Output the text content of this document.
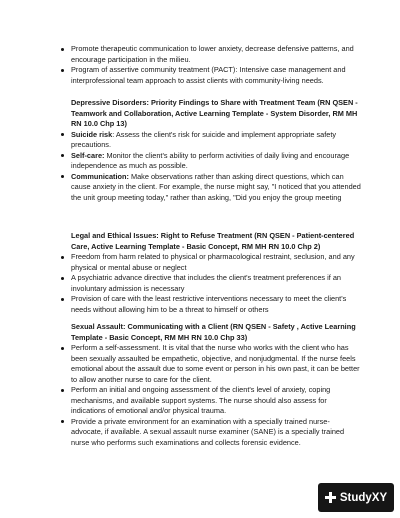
Promote therapeutic communication to lower anxiety, decrease defensive patterns, and encourage participation in the milieu.
Program of assertive community treatment (PACT): Intensive case management and interprofessional team approach to assist clients with community-living needs.
Depressive Disorders: Priority Findings to Share with Treatment Team (RN QSEN - Teamwork and Collaboration, Active Learning Template - System Disorder, RM MH RN 10.0 Chp 13)
Suicide risk: Assess the client's risk for suicide and implement appropriate safety precautions.
Self-care: Monitor the client's ability to perform activities of daily living and encourage independence as much as possible.
Communication: Make observations rather than asking direct questions, which can cause anxiety in the client. For example, the nurse might say, "I noticed that you attended the unit group meeting today," rather than asking, "Did you enjoy the group meeting
Legal and Ethical Issues: Right to Refuse Treatment (RN QSEN - Patient-centered Care, Active Learning Template - Basic Concept, RM MH RN 10.0 Chp 2)
Freedom from harm related to physical or pharmacological restraint, seclusion, and any physical or mental abuse or neglect
A psychiatric advance directive that includes the client's treatment preferences if an involuntary admission is necessary
Provision of care with the least restrictive interventions necessary to meet the client's needs without allowing him to be a threat to himself or others
Sexual Assault: Communicating with a Client (RN QSEN - Safety , Active Learning Template - Basic Concept, RM MH RN 10.0 Chp 33)
Perform a self-assessment. It is vital that the nurse who works with the client who has been sexually assaulted be empathetic, objective, and nonjudgmental. If the nurse feels emotional about the assault due to some event or person in his own past, it can be better to allow another nurse to care for the client.
Perform an initial and ongoing assessment of the client's level of anxiety, coping mechanisms, and available support systems. The nurse should also assess for indications of emotional and/or physical trauma.
Provide a private environment for an examination with a specially trained nurse-advocate, if available. A sexual assault nurse examiner (SANE) is a specially trained nurse who performs such examinations and collects forensic evidence.
StudyXY
